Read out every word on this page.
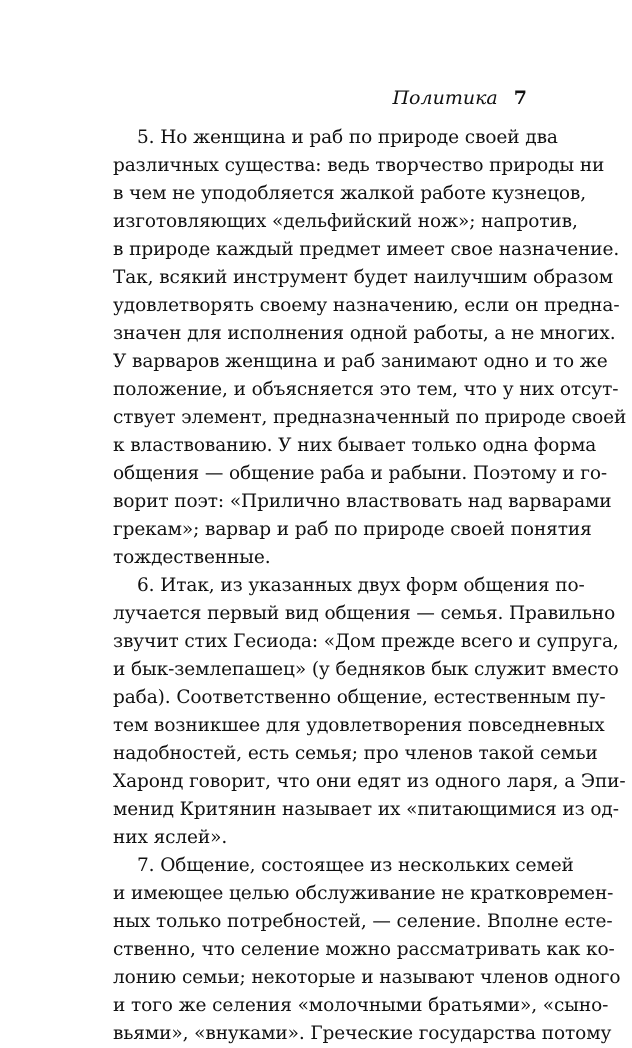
Политика 7
5. Но женщина и раб по природе своей два
различных существа: ведь творчество природы ни
в чем не уподобляется жалкой работе кузнецов,
изготовляющих «дельфийский нож»; напротив,
в природе каждый предмет имеет свое назначение.
Так, всякий инструмент будет наилучшим образом
удовлетворять своему назначению, если он предна-
значен для исполнения одной работы, а не многих.
У варваров женщина и раб занимают одно и то же
положение, и объясняется это тем, что у них отсут-
ствует элемент, предназначенный по природе своей
к властвованию. У них бывает только одна форма
общения — общение раба и рабыни. Поэтому и го-
ворит поэт: «Прилично властвовать над варварами
грекам»; варвар и раб по природе своей понятия
тождественные.
6. Итак, из указанных двух форм общения по-
лучается первый вид общения — семья. Правильно
звучит стих Гесиода: «Дом прежде всего и супруга,
и бык-землепашец» (у бедняков бык служит вместо
раба). Соответственно общение, естественным пу-
тем возникшее для удовлетворения повседневных
надобностей, есть семья; про членов такой семьи
Харонд говорит, что они едят из одного ларя, а Эпи-
менид Критянин называет их «питающимися из од-
них яслей».
7. Общение, состоящее из нескольких семей
и имеющее целью обслуживание не кратковремен-
ных только потребностей, — селение. Вполне есте-
ственно, что селение можно рассматривать как ко-
лонию семьи; некоторые и называют членов одного
и того же селения «молочными братьями», «сыно-
вьями», «внуками». Греческие государства потому
